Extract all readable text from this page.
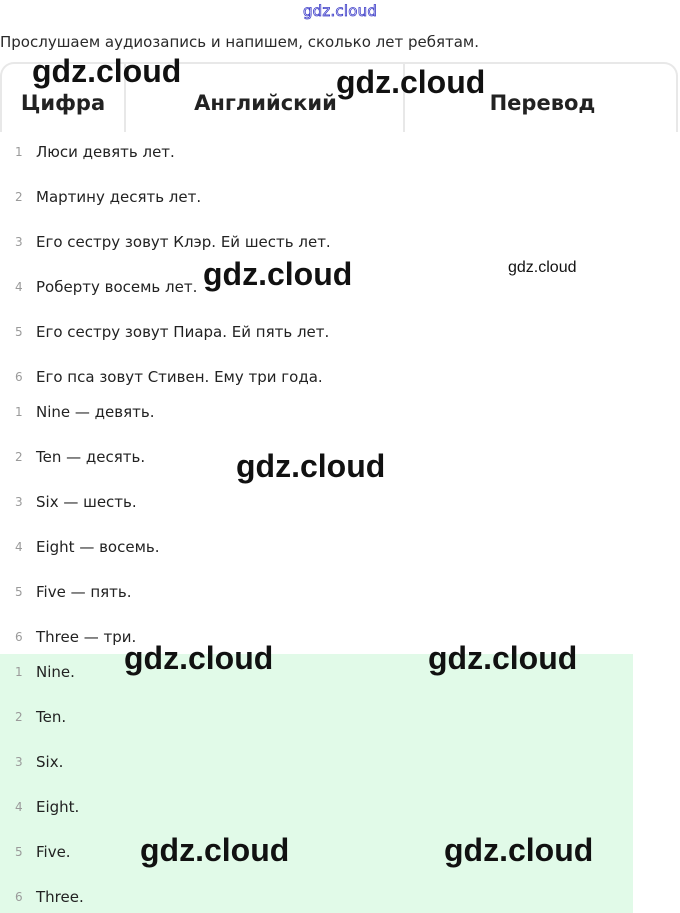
gdz.cloud
Прослушаем аудиозапись и напишем, сколько лет ребятам.
Цифра	Английский	Перевод
1 Люси девять лет.
2 Мартину десять лет.
3 Его сестру зовут Клэр. Ей шесть лет.
4 Роберту восемь лет.
5 Его сестру зовут Пиара. Ей пять лет.
6 Его пса зовут Стивен. Ему три года.
1 Nine — девять.
2 Ten — десять.
3 Six — шесть.
4 Eight — восемь.
5 Five — пять.
6 Three — три.
1 Nine.
2 Ten.
3 Six.
4 Eight.
5 Five.
6 Three.
gdz.cloud	gdz.cloud
gdz.cloud	gdz.cloud
gdz.cloud
gdz.cloud	gdz.cloud
gdz.cloud	gdz.cloud
